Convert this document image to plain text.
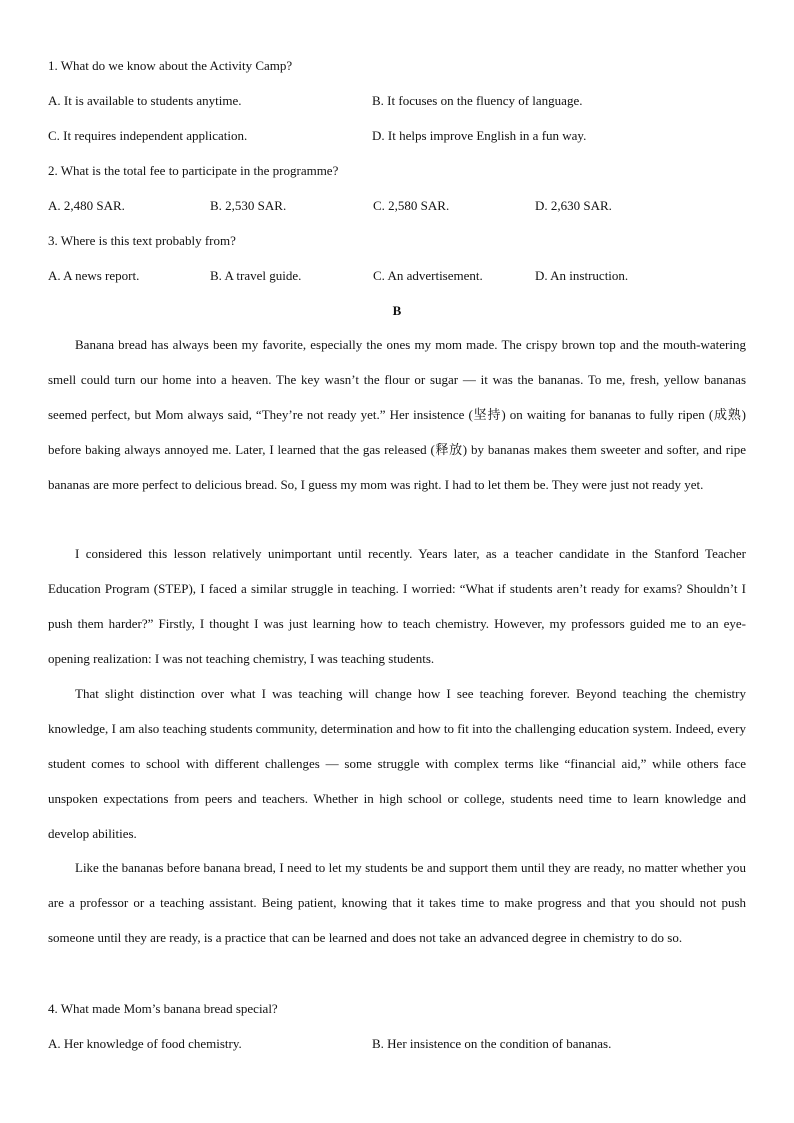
1. What do we know about the Activity Camp?
A. It is available to students anytime.	B. It focuses on the fluency of language.
C. It requires independent application.	D. It helps improve English in a fun way.
2. What is the total fee to participate in the programme?
A. 2,480 SAR.	B. 2,530 SAR.	C. 2,580 SAR.	D. 2,630 SAR.
3. Where is this text probably from?
A. A news report.	B. A travel guide.	C. An advertisement.	D. An instruction.
B

Banana bread has always been my favorite, especially the ones my mom made. The crispy brown top and the mouth-watering smell could turn our home into a heaven. The key wasn’t the flour or sugar — it was the bananas. To me, fresh, yellow bananas seemed perfect, but Mom always said, “They’re not ready yet.” Her insistence (坚持) on waiting for bananas to fully ripen (成熟) before baking always annoyed me. Later, I learned that the gas released (释放) by bananas makes them sweeter and softer, and ripe bananas are more perfect to delicious bread. So, I guess my mom was right. I had to let them be. They were just not ready yet.

I considered this lesson relatively unimportant until recently. Years later, as a teacher candidate in the Stanford Teacher Education Program (STEP), I faced a similar struggle in teaching. I worried: “What if students aren’t ready for exams? Shouldn’t I push them harder?” Firstly, I thought I was just learning how to teach chemistry. However, my professors guided me to an eye-opening realization: I was not teaching chemistry, I was teaching students.

That slight distinction over what I was teaching will change how I see teaching forever. Beyond teaching the chemistry knowledge, I am also teaching students community, determination and how to fit into the challenging education system. Indeed, every student comes to school with different challenges — some struggle with complex terms like “financial aid,” while others face unspoken expectations from peers and teachers. Whether in high school or college, students need time to learn knowledge and develop abilities.

Like the bananas before banana bread, I need to let my students be and support them until they are ready, no matter whether you are a professor or a teaching assistant. Being patient, knowing that it takes time to make progress and that you should not push someone until they are ready, is a practice that can be learned and does not take an advanced degree in chemistry to do so.

4. What made Mom’s banana bread special?
A. Her knowledge of food chemistry.	B. Her insistence on the condition of bananas.
